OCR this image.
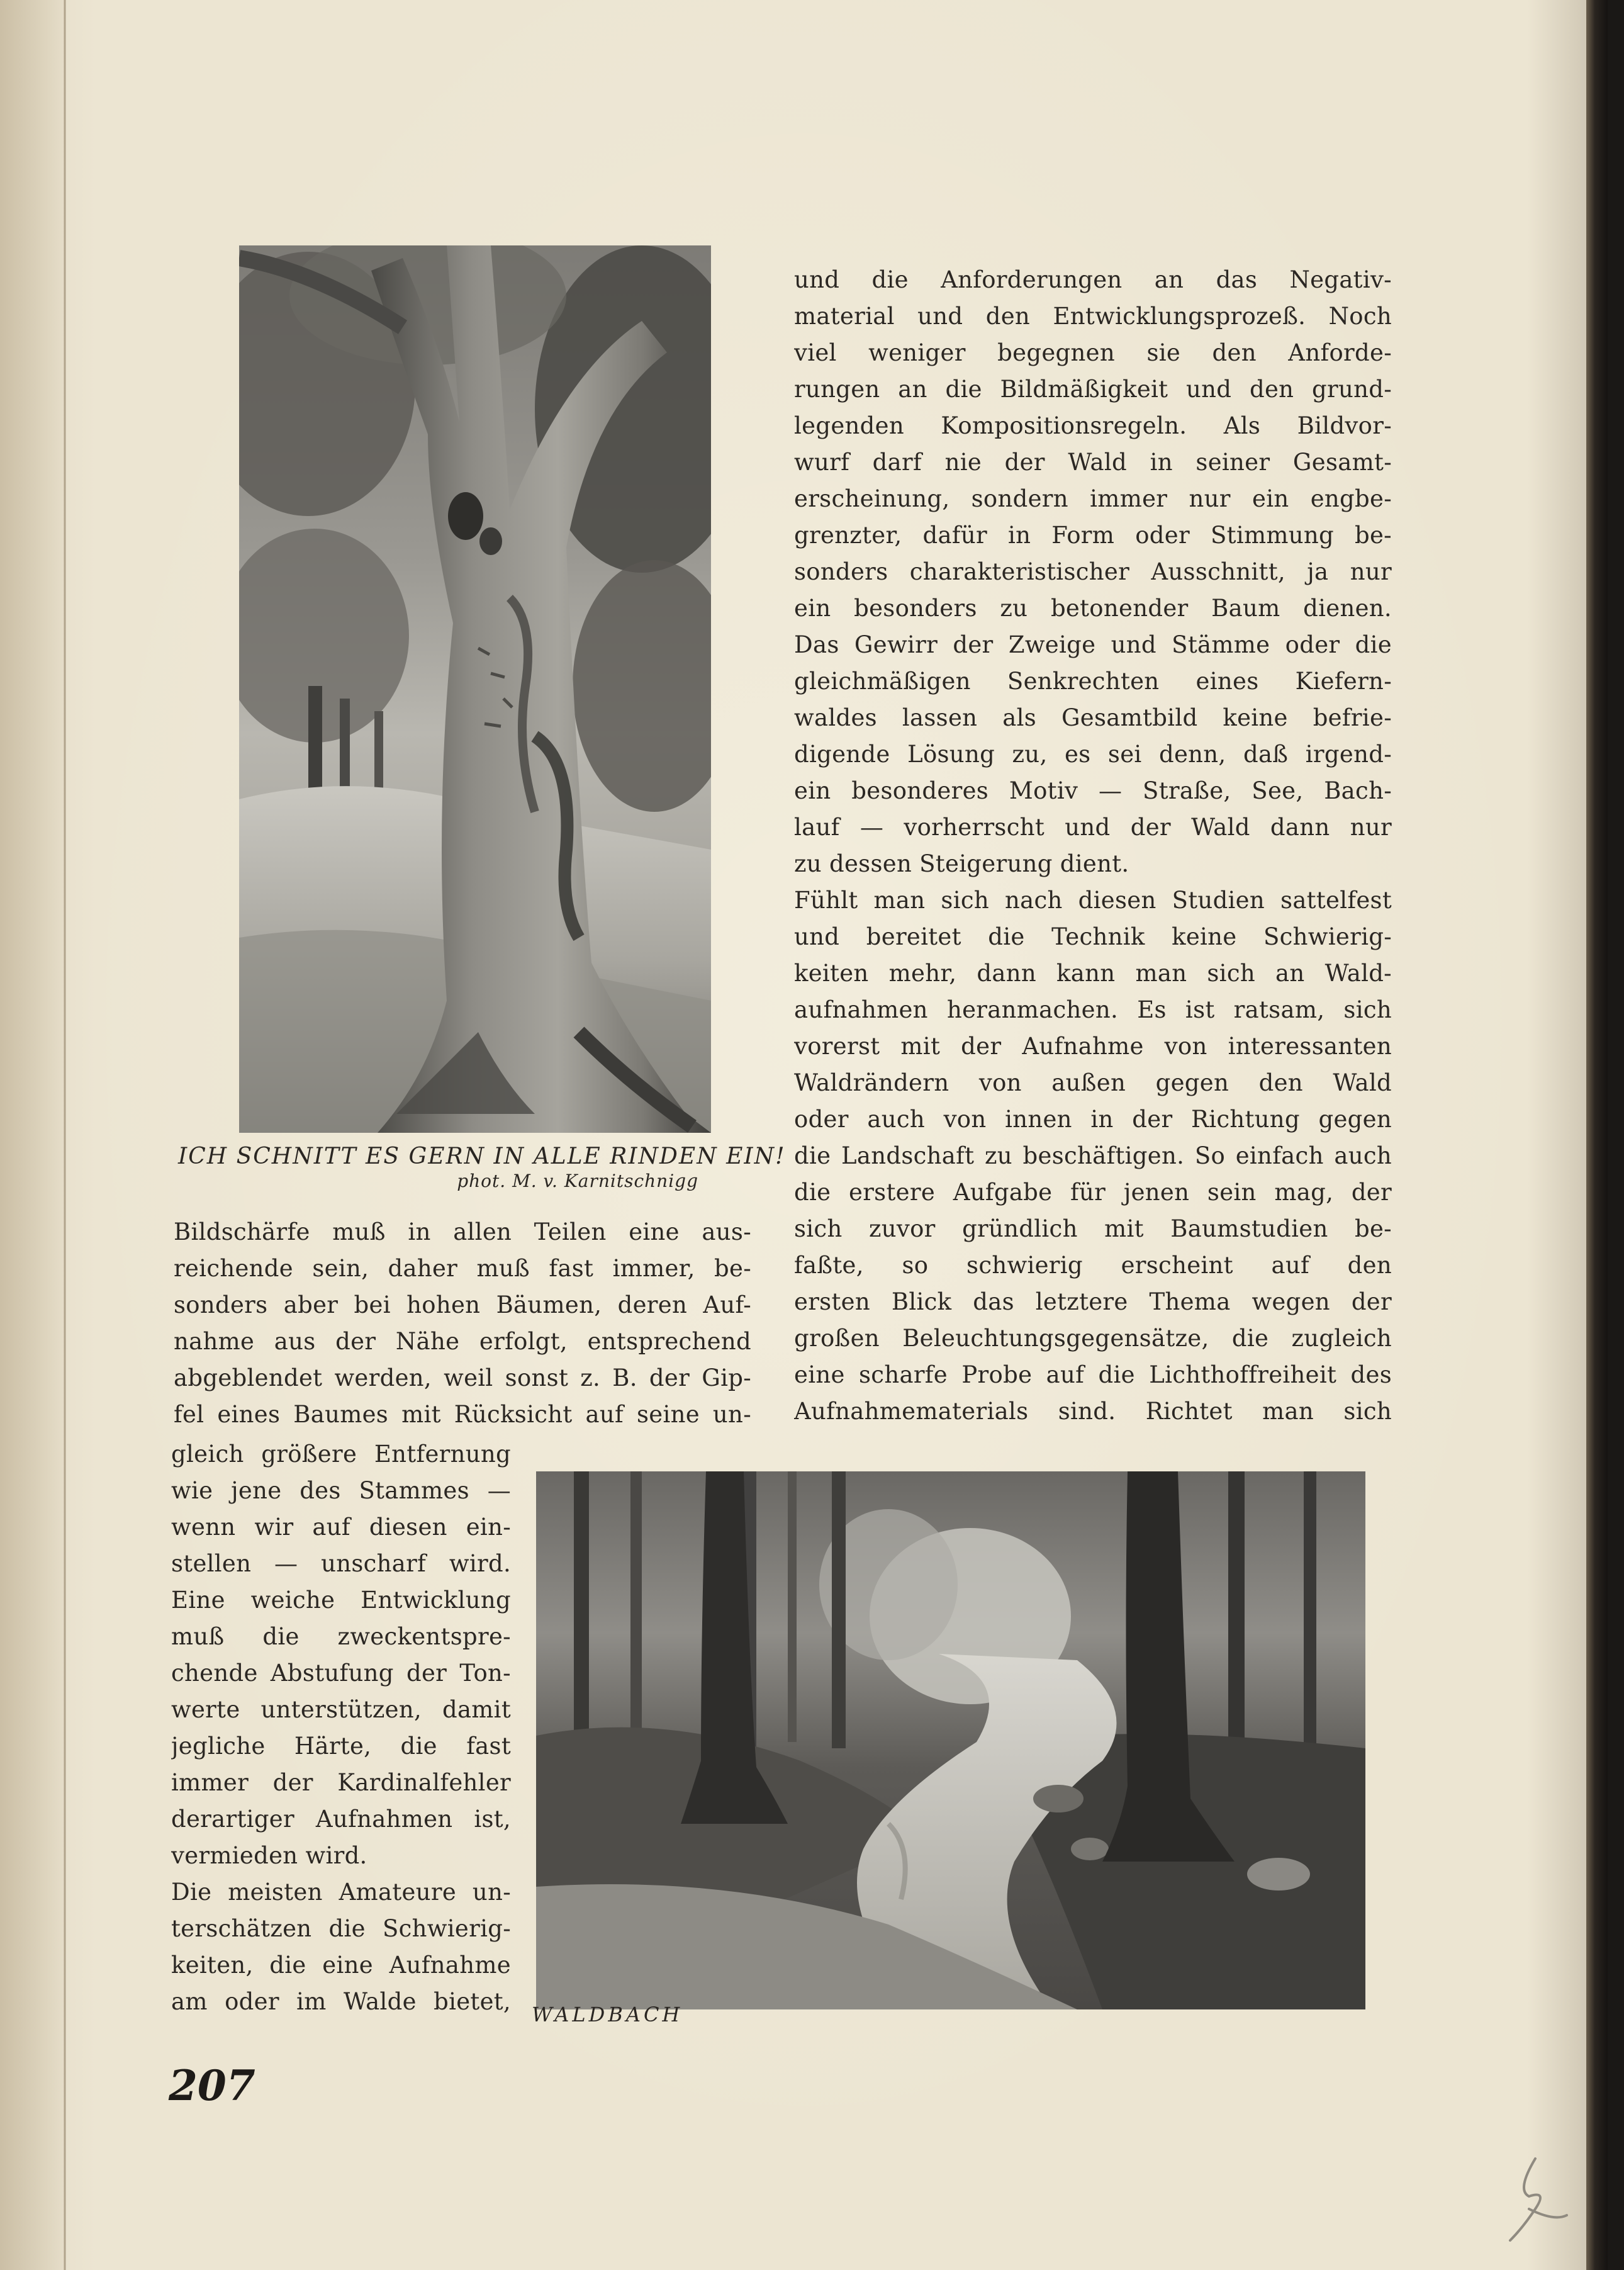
ICH SCHNITT ES GERN IN ALLE RINDEN EIN!

phot. M. v. Karnitschnigg

und die Anforderungen an das Negativ-
material und den Entwicklungsprozeß. Noch
viel weniger begegnen sie den Anforde-
rungen an die Bildmäßigkeit und den grund-
legenden Kompositionsregeln. Als Bildvor-
wurf darf nie der Wald in seiner Gesamt-
erscheinung, sondern immer nur ein engbe-
grenzter, dafür in Form oder Stimmung be-
sonders charakteristischer Ausschnitt, ja nur
ein besonders zu betonender Baum dienen.
Das Gewirr der Zweige und Stämme oder die
gleichmäßigen Senkrechten eines Kiefern-
waldes lassen als Gesamtbild keine befrie-
digende Lösung zu, es sei denn, daß irgend-
ein besonderes Motiv — Straße, See, Bach-
lauf — vorherrscht und der Wald dann nur
zu dessen Steigerung dient.
Fühlt man sich nach diesen Studien sattelfest
und bereitet die Technik keine Schwierig-
keiten mehr, dann kann man sich an Wald-
aufnahmen heranmachen. Es ist ratsam, sich
vorerst mit der Aufnahme von interessanten
Waldrändern von außen gegen den Wald
oder auch von innen in der Richtung gegen
die Landschaft zu beschäftigen. So einfach auch
die erstere Aufgabe für jenen sein mag, der
sich zuvor gründlich mit Baumstudien be-
faßte, so schwierig erscheint auf den
ersten Blick das letztere Thema wegen der
großen Beleuchtungsgegensätze, die zugleich
eine scharfe Probe auf die Lichthoffreiheit des
Aufnahmematerials sind. Richtet man sich
Bildschärfe muß in allen Teilen eine aus-
reichende sein, daher muß fast immer, be-
sonders aber bei hohen Bäumen, deren Auf-
nahme aus der Nähe erfolgt, entsprechend
abgeblendet werden, weil sonst z. B. der Gip-
fel eines Baumes mit Rücksicht auf seine un-
gleich größere Entfernung
wie jene des Stammes —
wenn wir auf diesen ein-
stellen — unscharf wird.
Eine weiche Entwicklung
muß die zweckentspre-
chende Abstufung der Ton-
werte unterstützen, damit
jegliche Härte, die fast
immer der Kardinalfehler
derartiger Aufnahmen ist,
vermieden wird.
Die meisten Amateure un-
terschätzen die Schwierig-
keiten, die eine Aufnahme
am oder im Walde bietet, WALDBACH

207
